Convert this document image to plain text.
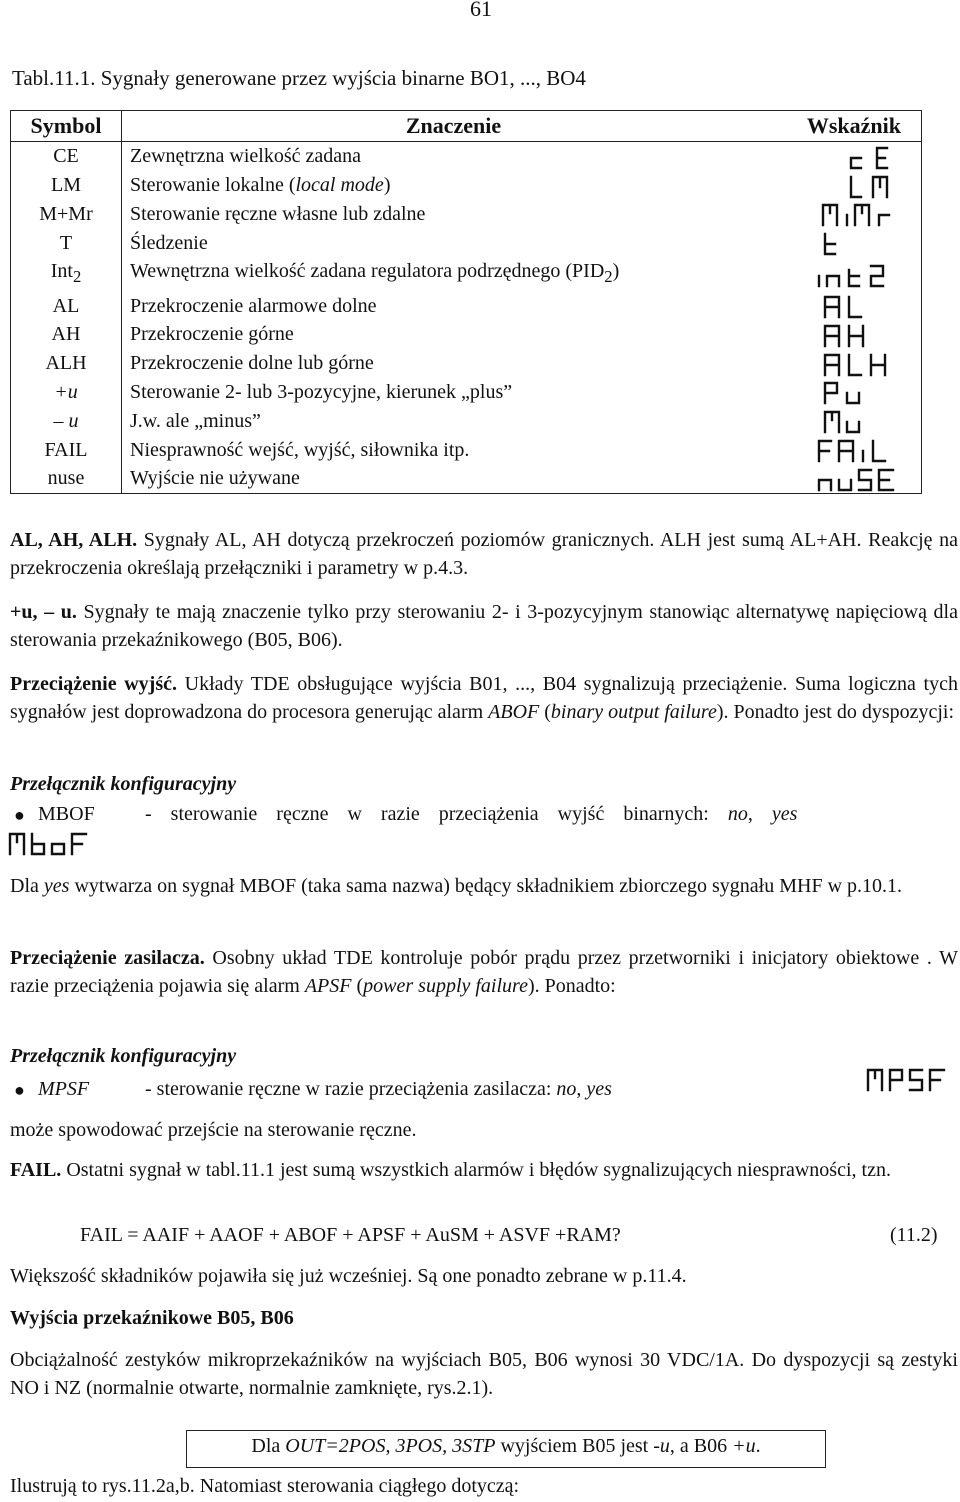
61
Tabl.11.1. Sygnały generowane przez wyjścia binarne BO1, ..., BO4
Symbol	Znaczenie	Wskaźnik
CE	Zewnętrzna wielkość zadana	

LM	Sterowanie lokalne (local mode)	

M+Mr	Sterowanie ręczne własne lub zdalne	

T	Śledzenie	

Int$_2$	Wewnętrzna wielkość zadana regulatora podrzędnego $(PID_2)$	

AL	Przekroczenie alarmowe dolne	

AH	Przekroczenie górne	

ALH	Przekroczenie dolne lub górne	

+u	Sterowanie 2- lub 3-pozycyjne, kierunek „plus”	

– u	J.w. ale „minus”	

FAIL	Niesprawność wejść, wyjść, siłownika itp.	

nuse	Wyjście nie używane	
AL, AH, ALH. Sygnały AL, AH dotyczą przekroczeń poziomów granicznych. ALH jest sumą AL+AH. Reakcję na przekroczenia określają przełączniki i parametry w p.4.3.
+u, – u. Sygnały te mają znaczenie tylko przy sterowaniu 2- i 3-pozycyjnym stanowiąc alternatywę napięciową dla sterowania przekaźnikowego (B05, B06).
Przeciążenie wyjść. Układy TDE obsługujące wyjścia B01, ..., B04 sygnalizują przeciążenie. Suma logiczna tych sygnałów jest doprowadzona do procesora generując alarm ABOF (binary output failure). Ponadto jest do dyspozycji:
Przełącznik konfiguracyjny
● MBOF	- sterowanie ręczne w razie przeciążenia wyjść binarnych: no, yes
Dla yes wytwarza on sygnał MBOF (taka sama nazwa) będący składnikiem zbiorczego sygnału MHF w p.10.1.
Przeciążenie zasilacza. Osobny układ TDE kontroluje pobór prądu przez przetworniki i inicjatory obiektowe . W razie przeciążenia pojawia się alarm APSF (power supply failure). Ponadto:
Przełącznik konfiguracyjny
● MPSF	- sterowanie ręczne w razie przeciążenia zasilacza: no, yes
może spowodować przejście na sterowanie ręczne.
FAIL. Ostatni sygnał w tabl.11.1 jest sumą wszystkich alarmów i błędów sygnalizujących niesprawności, tzn.
FAIL = AAIF + AAOF + ABOF + APSF + AuSM + ASVF +RAM?	(11.2)
Większość składników pojawiła się już wcześniej. Są one ponadto zebrane w p.11.4.
Wyjścia przekaźnikowe B05, B06
Obciążalność zestyków mikroprzekaźników na wyjściach B05, B06 wynosi 30 VDC/1A. Do dyspozycji są zestyki NO i NZ (normalnie otwarte, normalnie zamknięte, rys.2.1).
Dla OUT=2POS, 3POS, 3STP wyjściem B05 jest -u, a B06 +u.
Ilustrują to rys.11.2a,b. Natomiast sterowania ciągłego dotyczą:
